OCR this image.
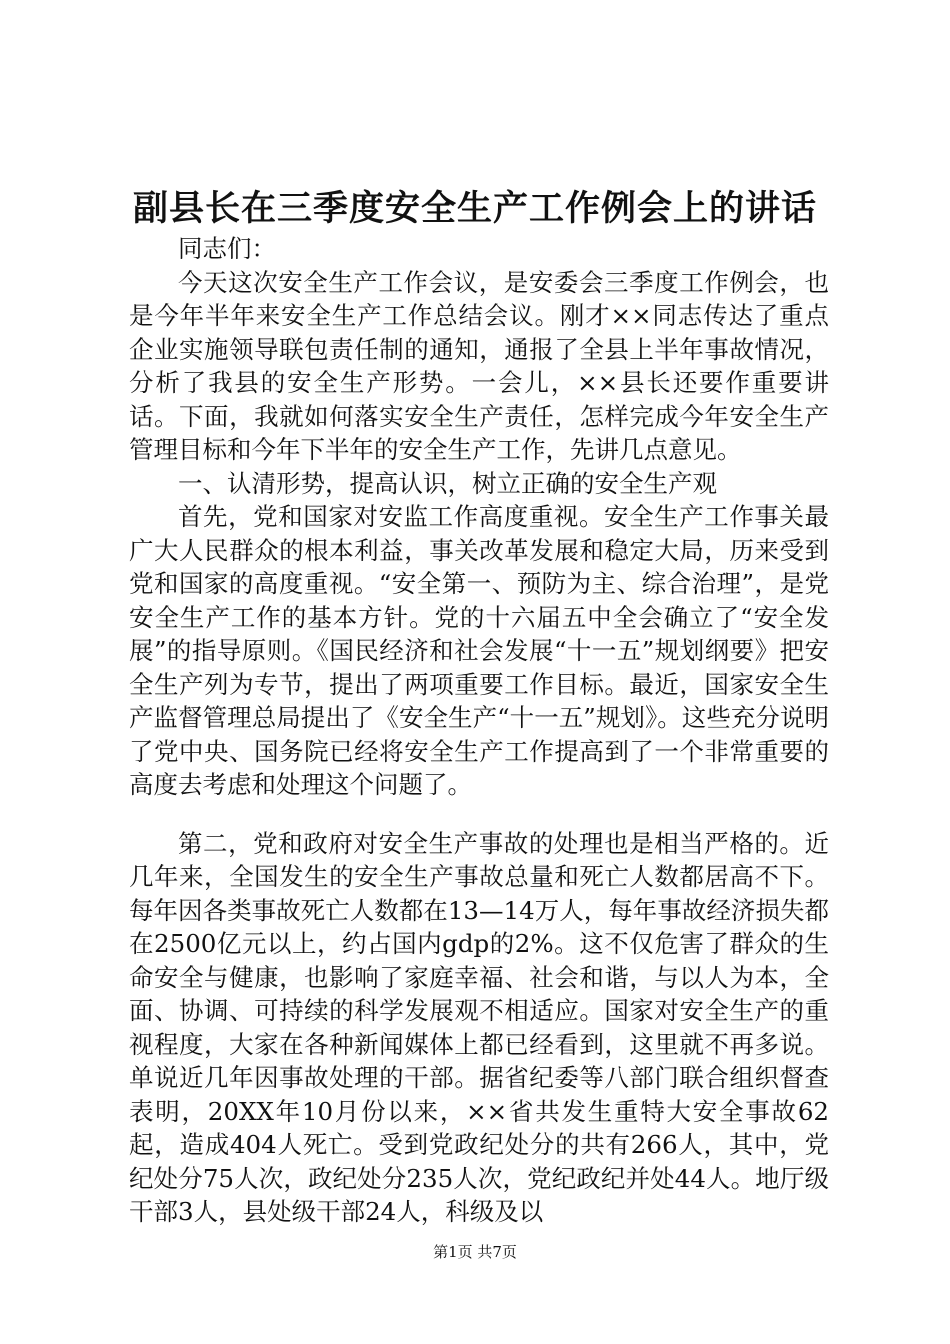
副县长在三季度安全生产工作例会上的讲话

同志们：

今天这次安全生产工作会议，是安委会三季度工作例会，也是今年半年来安全生产工作总结会议。刚才××同志传达了重点企业实施领导联包责任制的通知，通报了全县上半年事故情况，分析了我县的安全生产形势。一会儿，××县长还要作重要讲话。下面，我就如何落实安全生产责任，怎样完成今年安全生产管理目标和今年下半年的安全生产工作，先讲几点意见。

一、认清形势，提高认识，树立正确的安全生产观

首先，党和国家对安监工作高度重视。安全生产工作事关最广大人民群众的根本利益，事关改革发展和稳定大局，历来受到党和国家的高度重视。“安全第一、预防为主、综合治理”，是党安全生产工作的基本方针。党的十六届五中全会确立了“安全发展”的指导原则。《国民经济和社会发展“十一五”规划纲要》把安全生产列为专节，提出了两项重要工作目标。最近，国家安全生产监督管理总局提出了《安全生产“十一五”规划》。这些充分说明了党中央、国务院已经将安全生产工作提高到了一个非常重要的高度去考虑和处理这个问题了。

第二，党和政府对安全生产事故的处理也是相当严格的。近几年来，全国发生的安全生产事故总量和死亡人数都居高不下。每年因各类事故死亡人数都在13—14万人，每年事故经济损失都在2500亿元以上，约占国内gdp的2%。这不仅危害了群众的生命安全与健康，也影响了家庭幸福、社会和谐，与以人为本，全面、协调、可持续的科学发展观不相适应。国家对安全生产的重视程度，大家在各种新闻媒体上都已经看到，这里就不再多说。单说近几年因事故处理的干部。据省纪委等八部门联合组织督查表明，20XX年10月份以来，××省共发生重特大安全事故62起，造成404人死亡。受到党政纪处分的共有266人，其中，党纪处分75人次，政纪处分235人次，党纪政纪并处44人。地厅级干部3人，县处级干部24人，科级及以

第1页 共7页
